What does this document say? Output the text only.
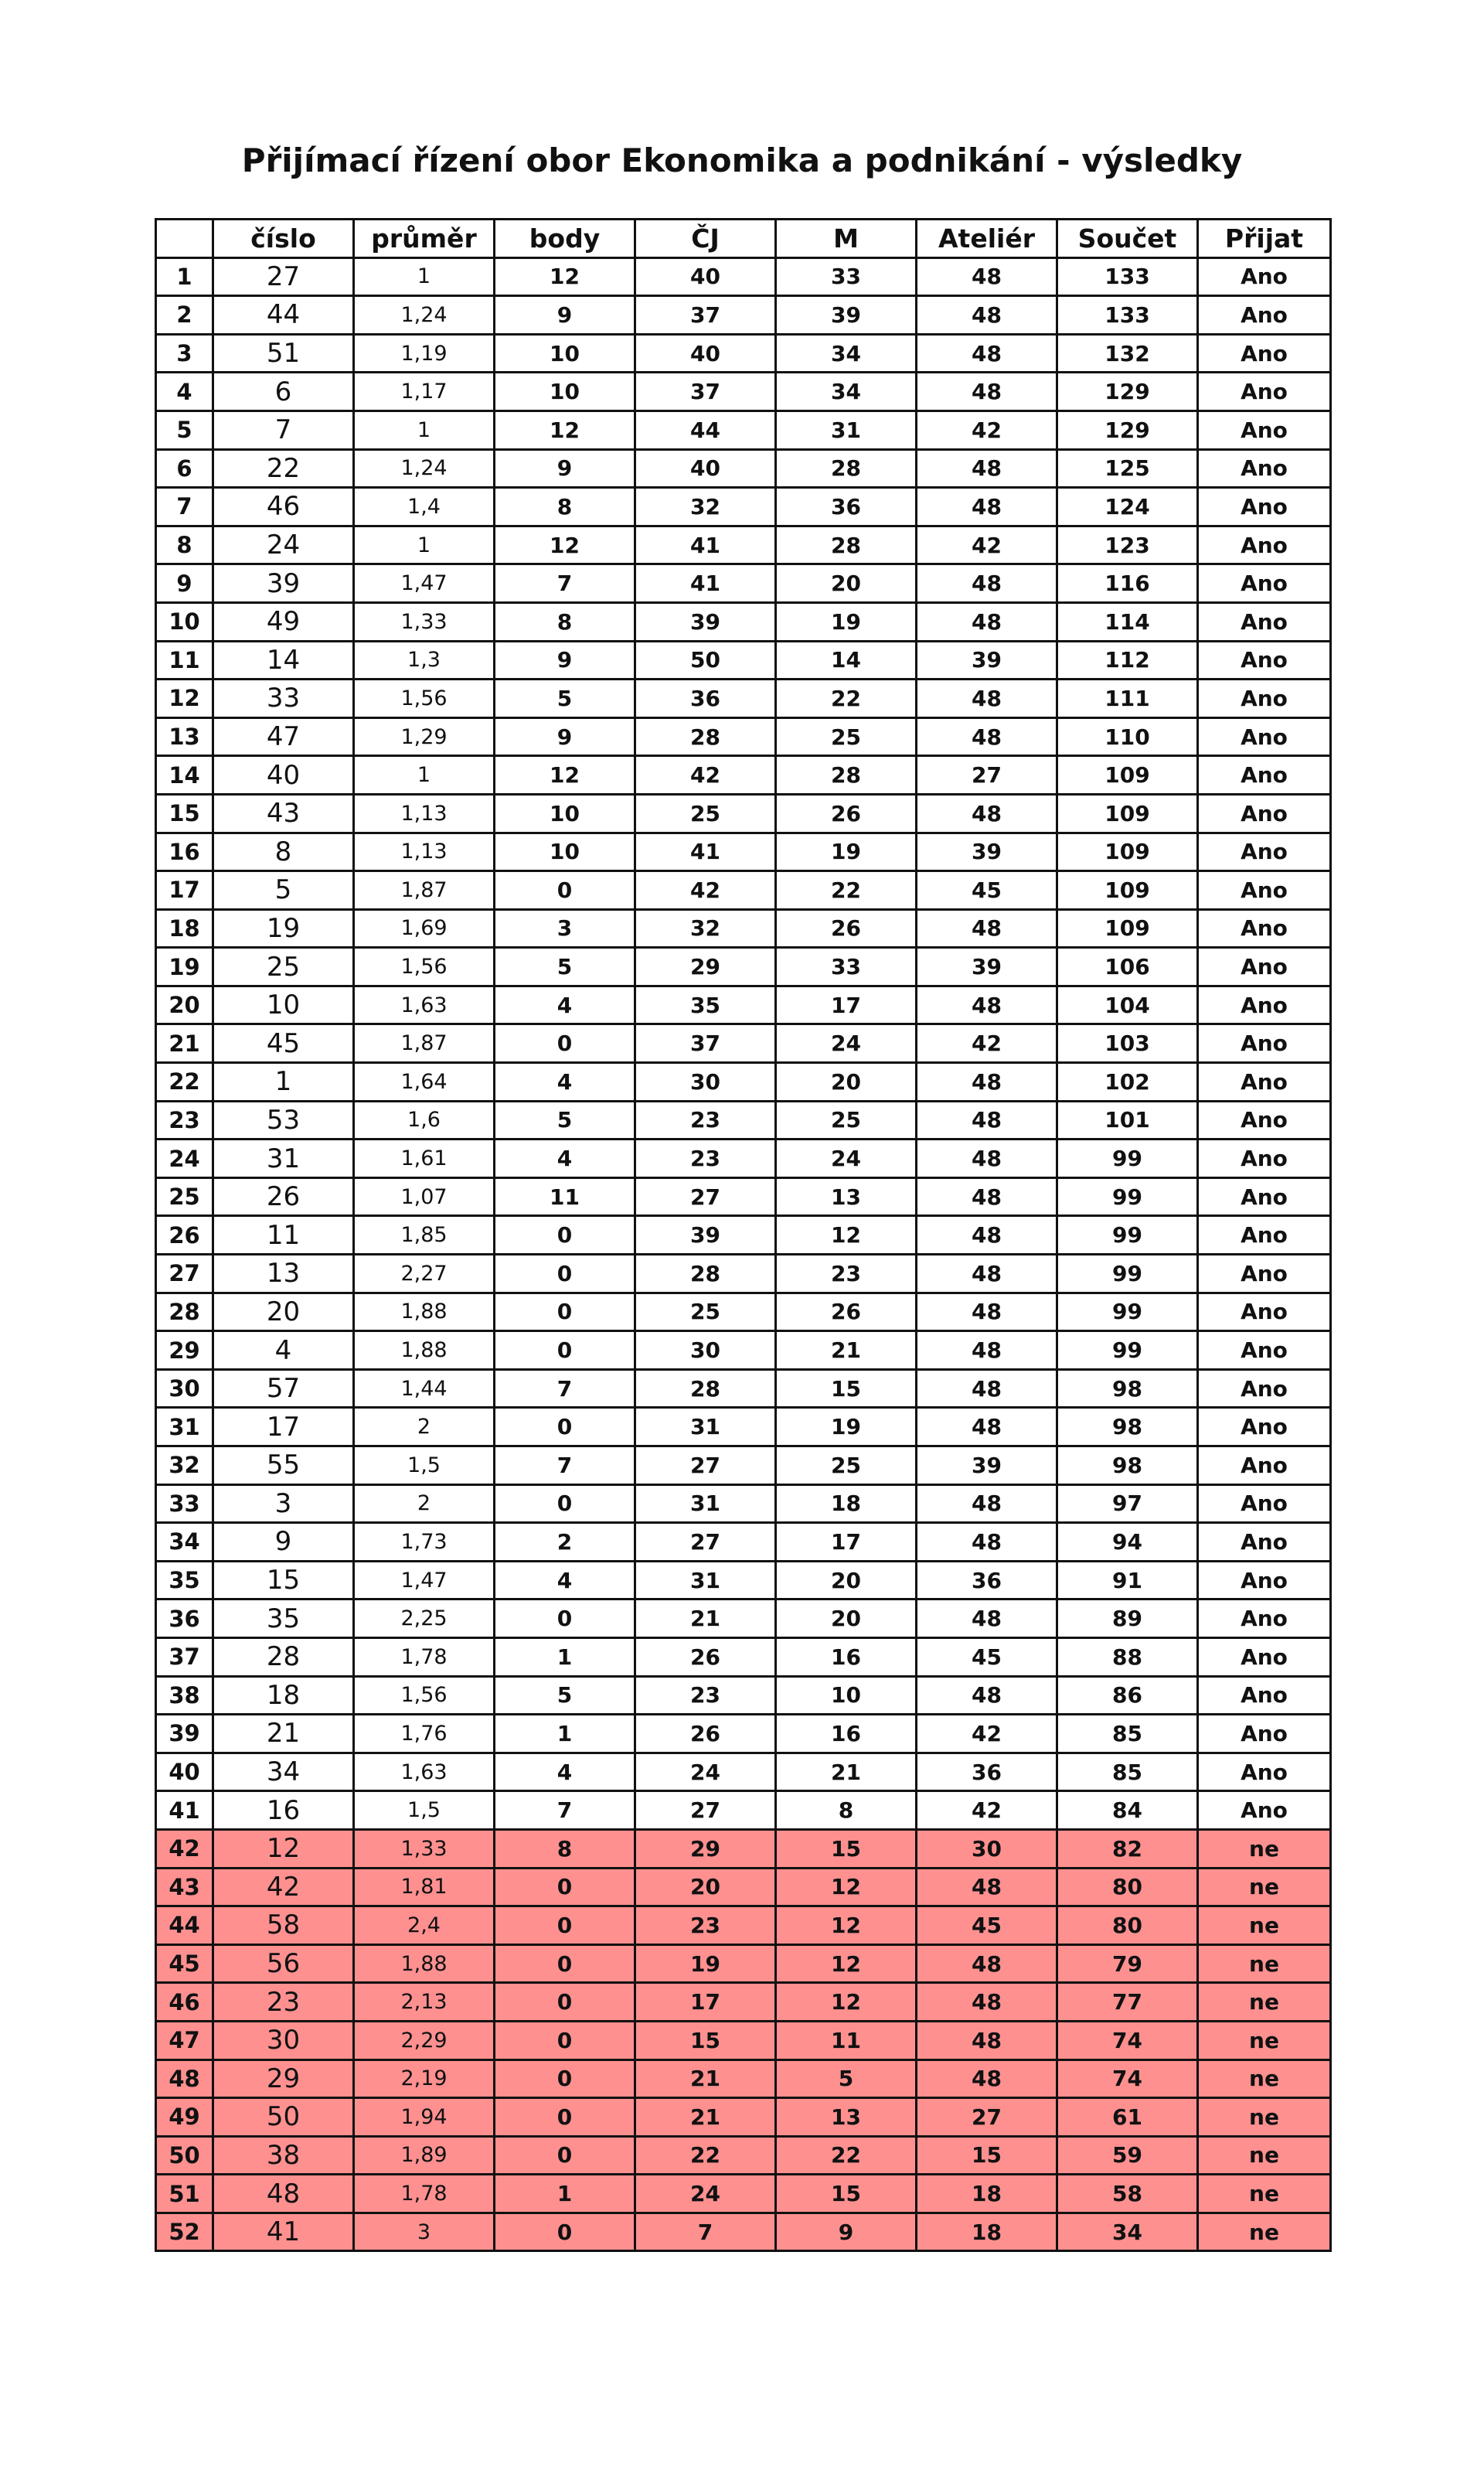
Přijímací řízení obor Ekonomika a podnikání - výsledky
	číslo	průměr	body	ČJ	M	Ateliér	Součet	Přijat
1	27	1	12	40	33	48	133	Ano
2	44	1,24	9	37	39	48	133	Ano
3	51	1,19	10	40	34	48	132	Ano
4	6	1,17	10	37	34	48	129	Ano
5	7	1	12	44	31	42	129	Ano
6	22	1,24	9	40	28	48	125	Ano
7	46	1,4	8	32	36	48	124	Ano
8	24	1	12	41	28	42	123	Ano
9	39	1,47	7	41	20	48	116	Ano
10	49	1,33	8	39	19	48	114	Ano
11	14	1,3	9	50	14	39	112	Ano
12	33	1,56	5	36	22	48	111	Ano
13	47	1,29	9	28	25	48	110	Ano
14	40	1	12	42	28	27	109	Ano
15	43	1,13	10	25	26	48	109	Ano
16	8	1,13	10	41	19	39	109	Ano
17	5	1,87	0	42	22	45	109	Ano
18	19	1,69	3	32	26	48	109	Ano
19	25	1,56	5	29	33	39	106	Ano
20	10	1,63	4	35	17	48	104	Ano
21	45	1,87	0	37	24	42	103	Ano
22	1	1,64	4	30	20	48	102	Ano
23	53	1,6	5	23	25	48	101	Ano
24	31	1,61	4	23	24	48	99	Ano
25	26	1,07	11	27	13	48	99	Ano
26	11	1,85	0	39	12	48	99	Ano
27	13	2,27	0	28	23	48	99	Ano
28	20	1,88	0	25	26	48	99	Ano
29	4	1,88	0	30	21	48	99	Ano
30	57	1,44	7	28	15	48	98	Ano
31	17	2	0	31	19	48	98	Ano
32	55	1,5	7	27	25	39	98	Ano
33	3	2	0	31	18	48	97	Ano
34	9	1,73	2	27	17	48	94	Ano
35	15	1,47	4	31	20	36	91	Ano
36	35	2,25	0	21	20	48	89	Ano
37	28	1,78	1	26	16	45	88	Ano
38	18	1,56	5	23	10	48	86	Ano
39	21	1,76	1	26	16	42	85	Ano
40	34	1,63	4	24	21	36	85	Ano
41	16	1,5	7	27	8	42	84	Ano
42	12	1,33	8	29	15	30	82	ne
43	42	1,81	0	20	12	48	80	ne
44	58	2,4	0	23	12	45	80	ne
45	56	1,88	0	19	12	48	79	ne
46	23	2,13	0	17	12	48	77	ne
47	30	2,29	0	15	11	48	74	ne
48	29	2,19	0	21	5	48	74	ne
49	50	1,94	0	21	13	27	61	ne
50	38	1,89	0	22	22	15	59	ne
51	48	1,78	1	24	15	18	58	ne
52	41	3	0	7	9	18	34	ne
